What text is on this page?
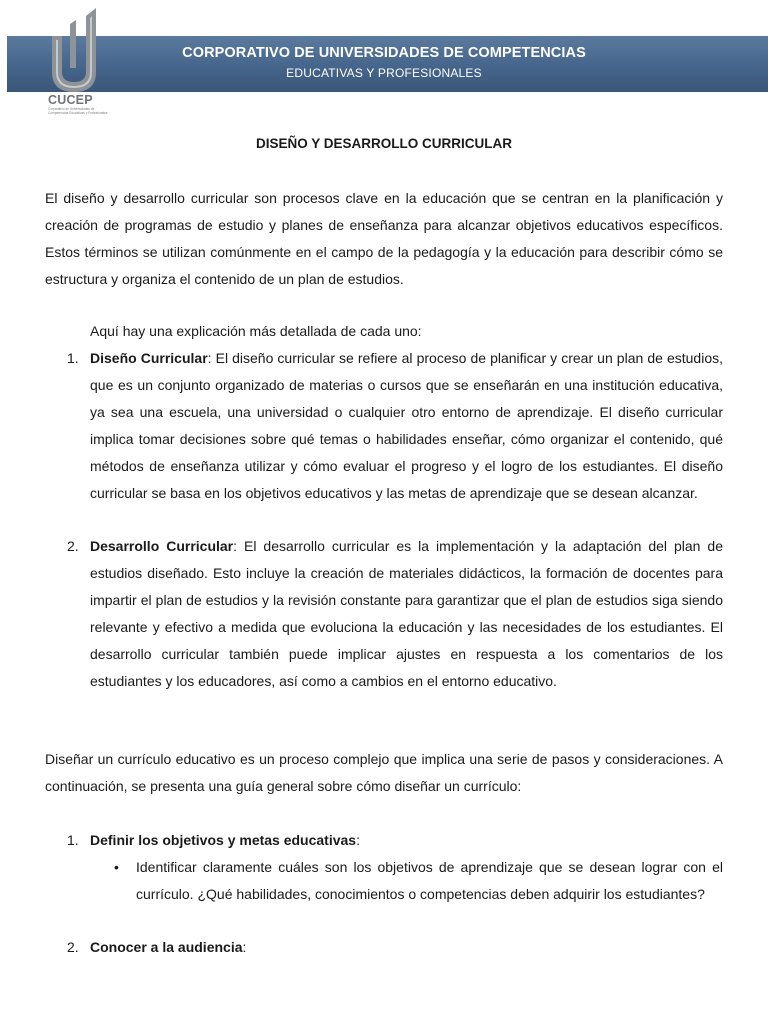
CUCEP
Corporativo de Universidades de Competencias Educativas y Profesionales
CORPORATIVO DE UNIVERSIDADES DE COMPETENCIAS
EDUCATIVAS Y PROFESIONALES
DISEÑO Y DESARROLLO CURRICULAR
El diseño y desarrollo curricular son procesos clave en la educación que se centran en la planificación y creación de programas de estudio y planes de enseñanza para alcanzar objetivos educativos específicos. Estos términos se utilizan comúnmente en el campo de la pedagogía y la educación para describir cómo se estructura y organiza el contenido de un plan de estudios.
Aquí hay una explicación más detallada de cada uno:
1. Diseño Curricular: El diseño curricular se refiere al proceso de planificar y crear un plan de estudios, que es un conjunto organizado de materias o cursos que se enseñarán en una institución educativa, ya sea una escuela, una universidad o cualquier otro entorno de aprendizaje. El diseño curricular implica tomar decisiones sobre qué temas o habilidades enseñar, cómo organizar el contenido, qué métodos de enseñanza utilizar y cómo evaluar el progreso y el logro de los estudiantes. El diseño curricular se basa en los objetivos educativos y las metas de aprendizaje que se desean alcanzar.
2. Desarrollo Curricular: El desarrollo curricular es la implementación y la adaptación del plan de estudios diseñado. Esto incluye la creación de materiales didácticos, la formación de docentes para impartir el plan de estudios y la revisión constante para garantizar que el plan de estudios siga siendo relevante y efectivo a medida que evoluciona la educación y las necesidades de los estudiantes. El desarrollo curricular también puede implicar ajustes en respuesta a los comentarios de los estudiantes y los educadores, así como a cambios en el entorno educativo.
Diseñar un currículo educativo es un proceso complejo que implica una serie de pasos y consideraciones. A continuación, se presenta una guía general sobre cómo diseñar un currículo:
1. Definir los objetivos y metas educativas:
• Identificar claramente cuáles son los objetivos de aprendizaje que se desean lograr con el currículo. ¿Qué habilidades, conocimientos o competencias deben adquirir los estudiantes?
2. Conocer a la audiencia:
